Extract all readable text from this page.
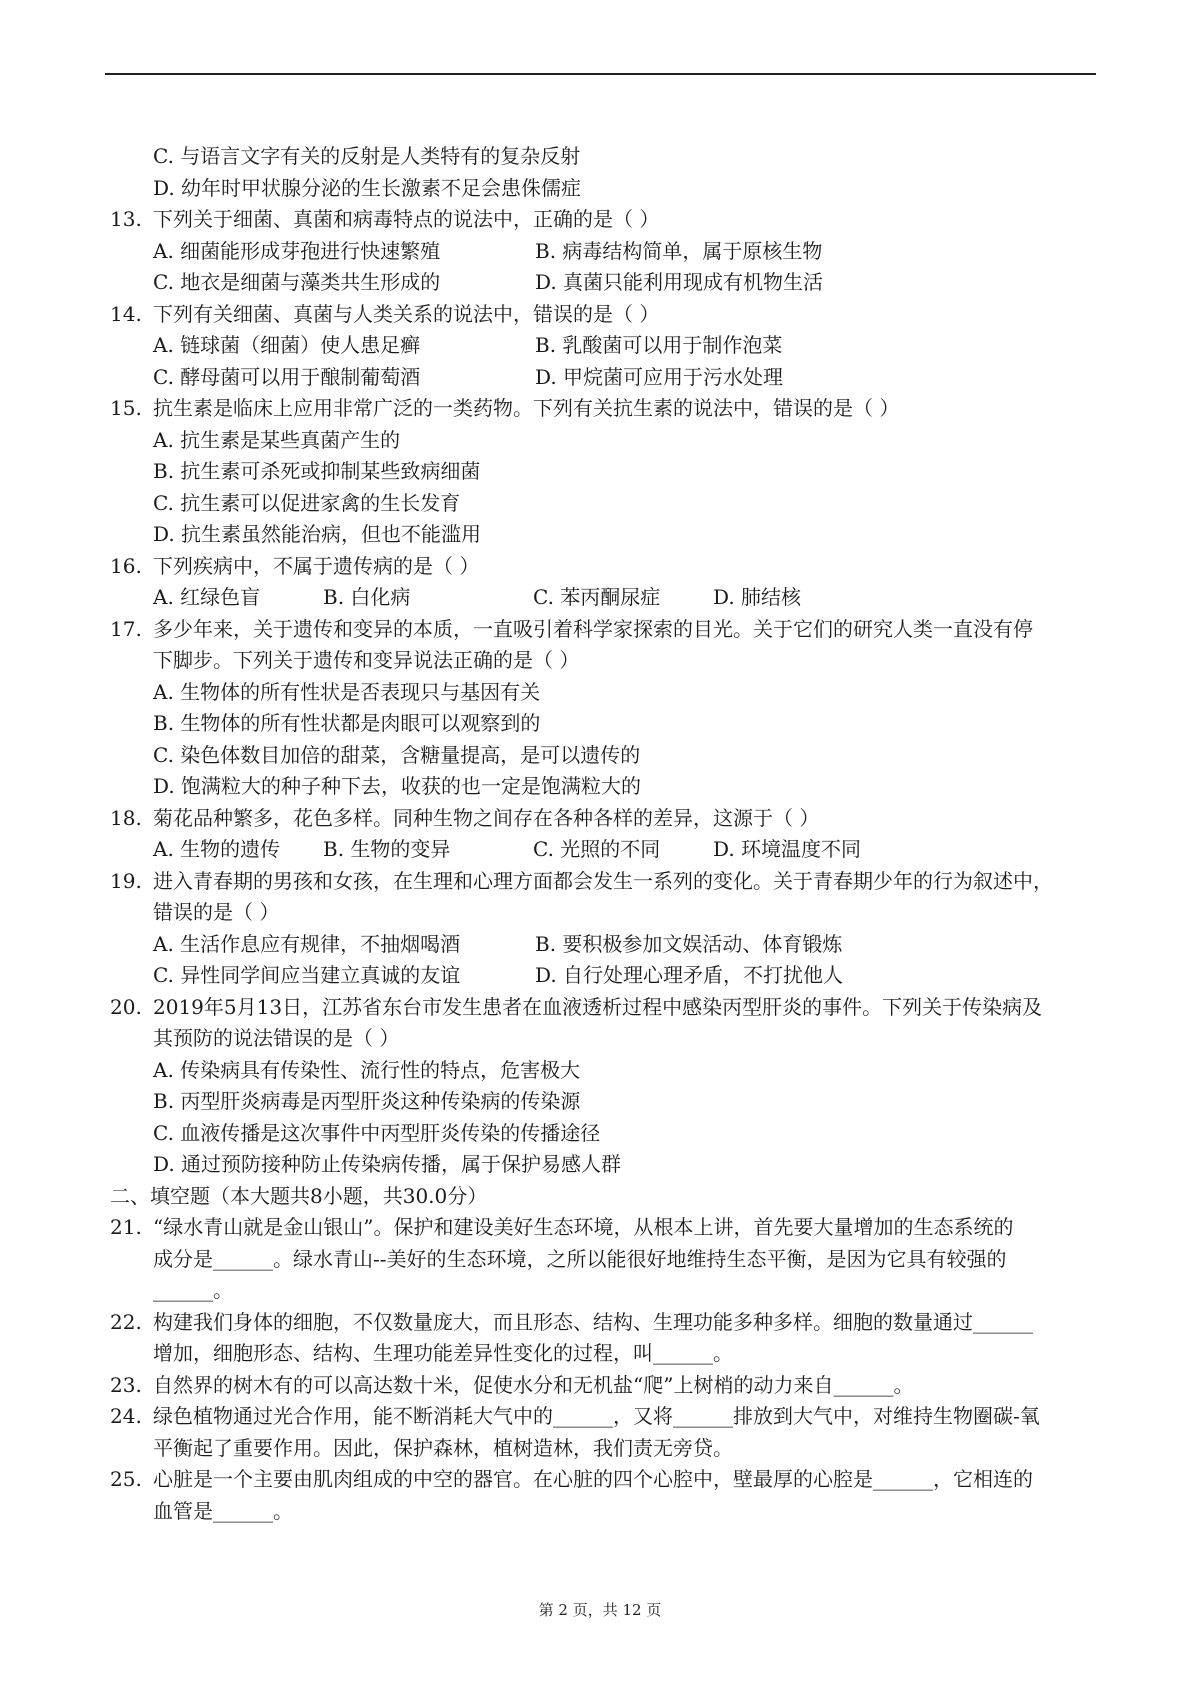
C. 与语言文字有关的反射是人类特有的复杂反射
D. 幼年时甲状腺分泌的生长激素不足会患侏儒症
13. 下列关于细菌、真菌和病毒特点的说法中，正确的是（ ）
A. 细菌能形成芽孢进行快速繁殖	B. 病毒结构简单，属于原核生物
C. 地衣是细菌与藻类共生形成的	D. 真菌只能利用现成有机物生活
14. 下列有关细菌、真菌与人类关系的说法中，错误的是（ ）
A. 链球菌（细菌）使人患足癣	B. 乳酸菌可以用于制作泡菜
C. 酵母菌可以用于酿制葡萄酒	D. 甲烷菌可应用于污水处理
15. 抗生素是临床上应用非常广泛的一类药物。下列有关抗生素的说法中，错误的是（ ）
A. 抗生素是某些真菌产生的
B. 抗生素可杀死或抑制某些致病细菌
C. 抗生素可以促进家禽的生长发育
D. 抗生素虽然能治病，但也不能滥用
16. 下列疾病中，不属于遗传病的是（ ）
A. 红绿色盲	B. 白化病	C. 苯丙酮尿症	D. 肺结核
17. 多少年来，关于遗传和变异的本质，一直吸引着科学家探索的目光。关于它们的研究人类一直没有停
下脚步。下列关于遗传和变异说法正确的是（ ）
A. 生物体的所有性状是否表现只与基因有关
B. 生物体的所有性状都是肉眼可以观察到的
C. 染色体数目加倍的甜菜，含糖量提高，是可以遗传的
D. 饱满粒大的种子种下去，收获的也一定是饱满粒大的
18. 菊花品种繁多，花色多样。同种生物之间存在各种各样的差异，这源于（ ）
A. 生物的遗传 B. 生物的变异	C. 光照的不同	D. 环境温度不同
19. 进入青春期的男孩和女孩，在生理和心理方面都会发生一系列的变化。关于青春期少年的行为叙述中，
错误的是（ ）
A. 生活作息应有规律，不抽烟喝酒	B. 要积极参加文娱活动、体育锻炼
C. 异性同学间应当建立真诚的友谊	D. 自行处理心理矛盾，不打扰他人
20. 2019年5月13日，江苏省东台市发生患者在血液透析过程中感染丙型肝炎的事件。下列关于传染病及
其预防的说法错误的是（ ）
A. 传染病具有传染性、流行性的特点，危害极大
B. 丙型肝炎病毒是丙型肝炎这种传染病的传染源
C. 血液传播是这次事件中丙型肝炎传染的传播途径
D. 通过预防接种防止传染病传播，属于保护易感人群
二、填空题（本大题共8小题，共30.0分）
21. “绿水青山就是金山银山”。保护和建设美好生态环境，从根本上讲，首先要大量增加的生态系统的
成分是______。绿水青山--美好的生态环境，之所以能很好地维持生态平衡，是因为它具有较强的
______。
22. 构建我们身体的细胞，不仅数量庞大，而且形态、结构、生理功能多种多样。细胞的数量通过______
增加，细胞形态、结构、生理功能差异性变化的过程，叫______。
23. 自然界的树木有的可以高达数十米，促使水分和无机盐“爬”上树梢的动力来自______。
24. 绿色植物通过光合作用，能不断消耗大气中的______，又将______排放到大气中，对维持生物圈碳-氧
平衡起了重要作用。因此，保护森林，植树造林，我们责无旁贷。
25. 心脏是一个主要由肌肉组成的中空的器官。在心脏的四个心腔中，壁最厚的心腔是______，它相连的
血管是______。
第 2 页，共 12 页
